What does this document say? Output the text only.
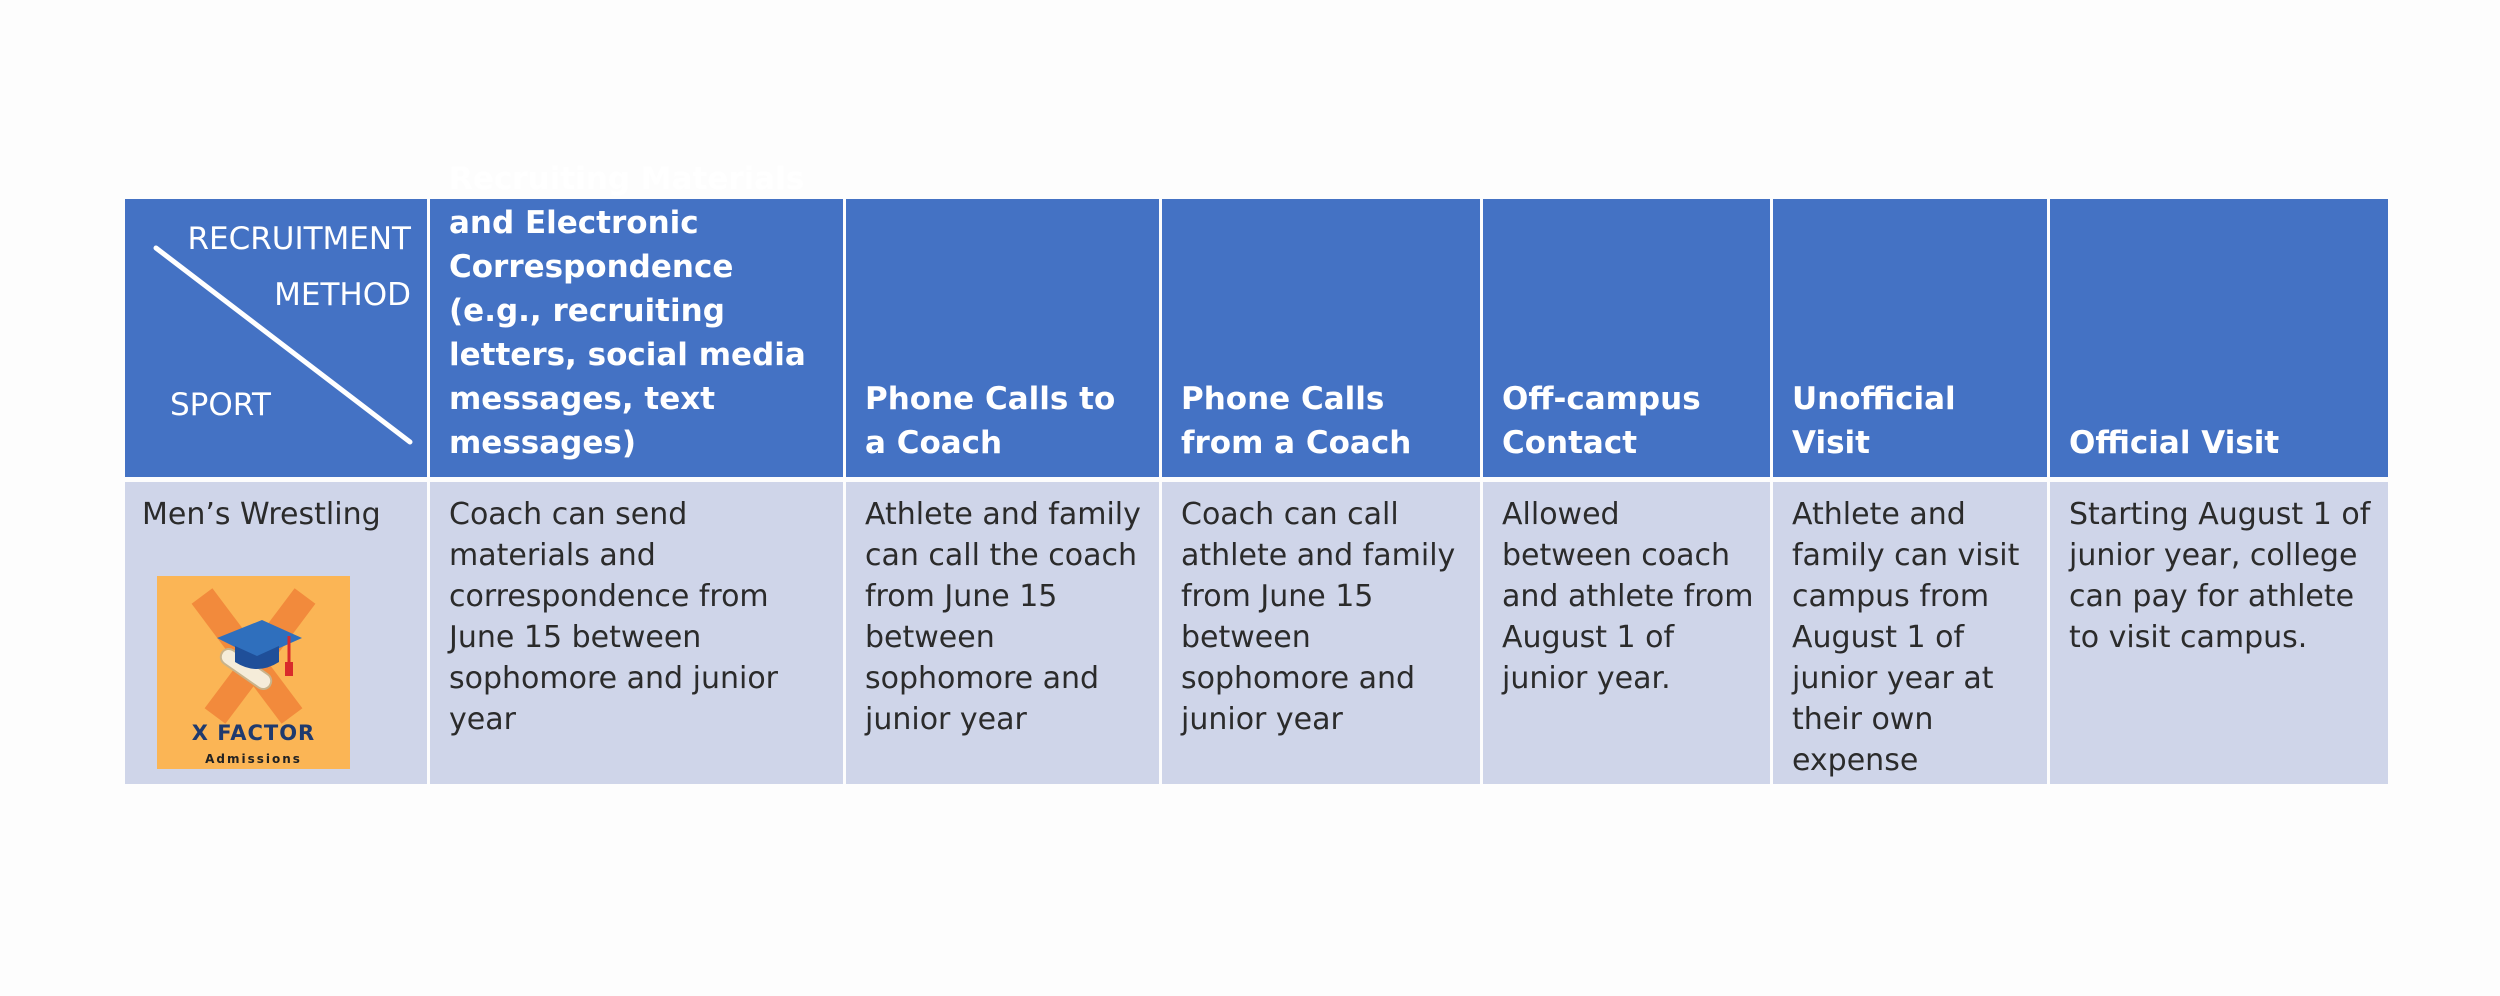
RECRUITMENT
METHOD
SPORT
Recruiting Materials and Electronic Correspondence (e.g., recruiting letters, social media messages, text messages)
Phone Calls to a Coach
Phone Calls from a Coach
Off-campus Contact
Unofficial Visit	Official Visit
Men’s Wrestling
X FACTOR
Admissions
Coach can send materials and correspondence from June 15 between sophomore and junior year
Athlete and family can call the coach from June 15 between sophomore and junior year
Coach can call athlete and family from June 15 between sophomore and junior year
Allowed between coach and athlete from August 1 of junior year.
Athlete and family can visit campus from August 1 of junior year at their own expense
Starting August 1 of junior year, college can pay for athlete to visit campus.
